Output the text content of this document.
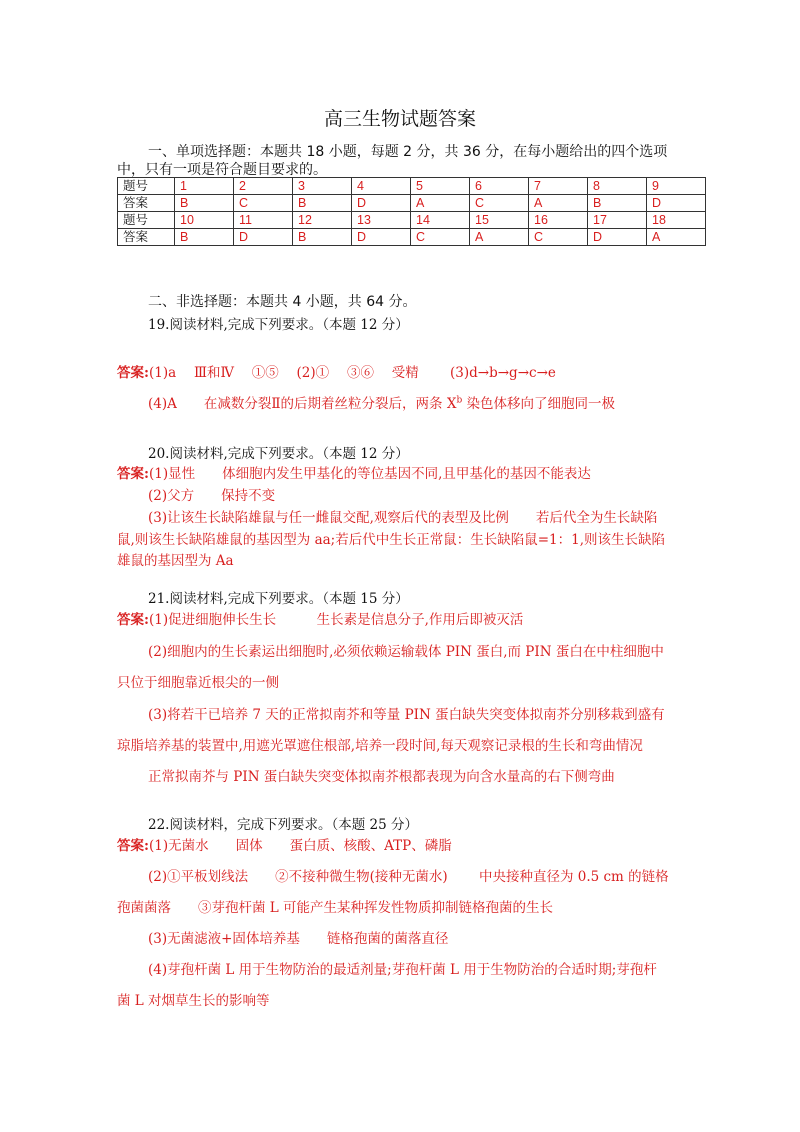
高三生物试题答案
一、单项选择题：本题共 18 小题，每题 2 分，共 36 分，在每小题给出的四个选项
中，只有一项是符合题目要求的。
题号	1	2	3	4	5	6	7	8	9
答案	B	C	B	D	A	C	A	B	D
题号	10	11	12	13	14	15	16	17	18
答案	B	D	B	D	C	A	C	D	A
二、非选择题：本题共 4 小题，共 64 分。
19.阅读材料,完成下列要求。（本题 12 分）
答案:(1)a　 Ⅲ和Ⅳ　 ①⑤　 (2)①　 ③⑥　 受精　　 (3)d→b→g→c→e
(4)A　　在减数分裂Ⅱ的后期着丝粒分裂后，两条 $X^b$ 染色体移向了细胞同一极
20.阅读材料,完成下列要求。（本题 12 分）
答案:(1)显性　　体细胞内发生甲基化的等位基因不同,且甲基化的基因不能表达
(2)父方　　保持不变
(3)让该生长缺陷雄鼠与任一雌鼠交配,观察后代的表型及比例　　若后代全为生长缺陷
鼠,则该生长缺陷雄鼠的基因型为 aa;若后代中生长正常鼠：生长缺陷鼠=1：1,则该生长缺陷
雄鼠的基因型为 Aa
21.阅读材料,完成下列要求。（本题 15 分）
答案:(1)促进细胞伸长生长　　　生长素是信息分子,作用后即被灭活
(2)细胞内的生长素运出细胞时,必须依赖运输载体 PIN 蛋白,而 PIN 蛋白在中柱细胞中
只位于细胞靠近根尖的一侧
(3)将若干已培养 7 天的正常拟南芥和等量 PIN 蛋白缺失突变体拟南芥分别移栽到盛有
琼脂培养基的装置中,用遮光罩遮住根部,培养一段时间,每天观察记录根的生长和弯曲情况
正常拟南芥与 PIN 蛋白缺失突变体拟南芥根都表现为向含水量高的右下侧弯曲
22.阅读材料，完成下列要求。（本题 25 分）
答案:(1)无菌水　　固体　　蛋白质、核酸、ATP、磷脂
(2)①平板划线法　　②不接种微生物(接种无菌水)　　 中央接种直径为 0.5 cm 的链格
孢菌菌落　　③芽孢杆菌 L 可能产生某种挥发性物质抑制链格孢菌的生长
(3)无菌滤液+固体培养基　　链格孢菌的菌落直径
(4)芽孢杆菌 L 用于生物防治的最适剂量;芽孢杆菌 L 用于生物防治的合适时期;芽孢杆
菌 L 对烟草生长的影响等
